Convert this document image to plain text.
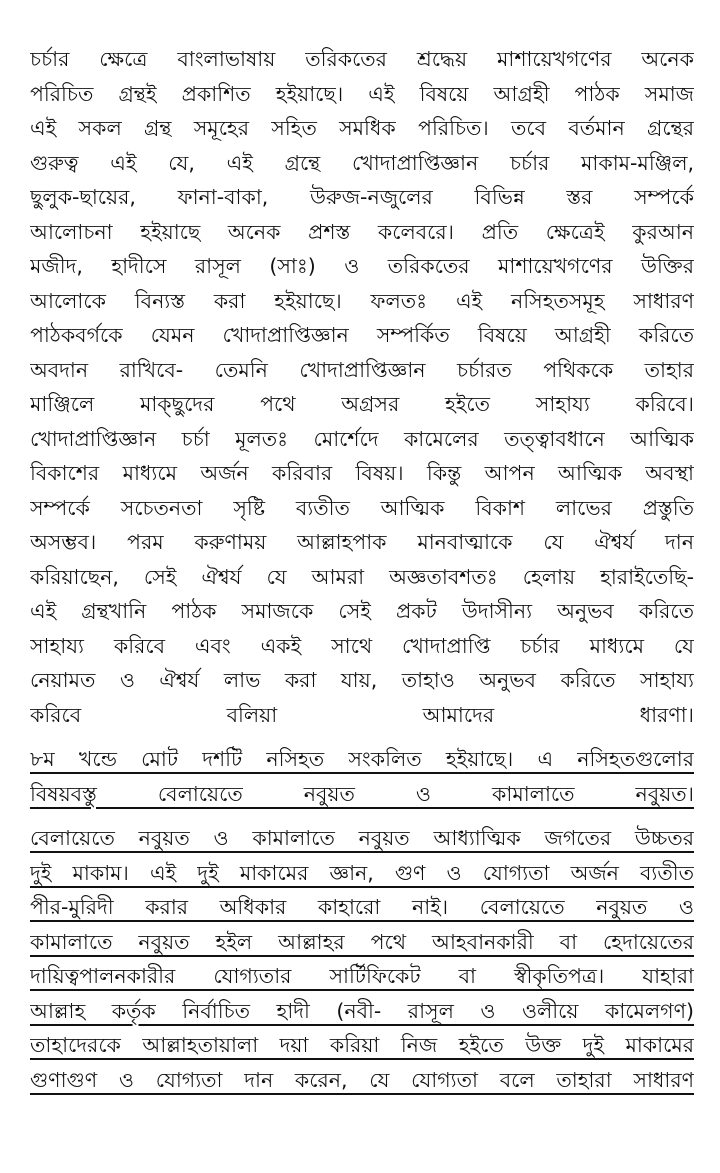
চর্চার ক্ষেত্রে বাংলাভাষায় তরিকতের শ্রদ্ধেয় মাশায়েখগণের অনেক
পরিচিত গ্রন্থই প্রকাশিত হইয়াছে। এই বিষয়ে আগ্রহী পাঠক সমাজ
এই সকল গ্রন্থ সমূহের সহিত সমধিক পরিচিত। তবে বর্তমান গ্রন্থের
গুরুত্ব এই যে, এই গ্রন্থে খোদাপ্রাপ্তিজ্ঞান চর্চার মাকাম-মঞ্জিল,
ছুলুক-ছায়ের, ফানা-বাকা, উরুজ-নজুলের বিভিন্ন স্তর সম্পর্কে
আলোচনা হইয়াছে অনেক প্রশস্ত কলেবরে। প্রতি ক্ষেত্রেই কুরআন
মজীদ, হাদীসে রাসূল (সাঃ) ও তরিকতের মাশায়েখগণের উক্তির
আলোকে বিন্যস্ত করা হইয়াছে। ফলতঃ এই নসিহতসমূহ সাধারণ
পাঠকবর্গকে যেমন খোদাপ্রাপ্তিজ্ঞান সম্পর্কিত বিষয়ে আগ্রহী করিতে
অবদান রাখিবে- তেমনি খোদাপ্রাপ্তিজ্ঞান চর্চারত পথিককে তাহার
মাঞ্জিলে মাক্‌ছুদের পথে অগ্রসর হইতে সাহায্য করিবে।
খোদাপ্রাপ্তিজ্ঞান চর্চা মূলতঃ মোর্শেদে কামেলের তত্ত্বাবধানে আত্মিক
বিকাশের মাধ্যমে অর্জন করিবার বিষয়। কিন্তু আপন আত্মিক অবস্থা
সম্পর্কে সচেতনতা সৃষ্টি ব্যতীত আত্মিক বিকাশ লাভের প্রস্তুতি
অসম্ভব। পরম করুণাময় আল্লাহপাক মানবাত্মাকে যে ঐশ্বর্য দান
করিয়াছেন, সেই ঐশ্বর্য যে আমরা অজ্ঞতাবশতঃ হেলায় হারাইতেছি-
এই গ্রন্থখানি পাঠক সমাজকে সেই প্রকট উদাসীন্য অনুভব করিতে
সাহায্য করিবে এবং একই সাথে খোদাপ্রাপ্তি চর্চার মাধ্যমে যে
নেয়ামত ও ঐশ্বর্য লাভ করা যায়, তাহাও অনুভব করিতে সাহায্য
করিবে বলিয়া আমাদের ধারণা।
৮ম খন্ডে মোট দশটি নসিহত সংকলিত হইয়াছে। এ নসিহতগুলোর
বিষয়বস্তু বেলায়েতে নবুয়ত ও কামালাতে নবুয়ত।
বেলায়েতে নবুয়ত ও কামালাতে নবুয়ত আধ্যাত্মিক জগতের উচ্চতর
দুই মাকাম। এই দুই মাকামের জ্ঞান, গুণ ও যোগ্যতা অর্জন ব্যতীত
পীর-মুরিদী করার অধিকার কাহারো নাই। বেলায়েতে নবুয়ত ও
কামালাতে নবুয়ত হইল আল্লাহর পথে আহবানকারী বা হেদায়েতের
দায়িত্বপালনকারীর যোগ্যতার সার্টিফিকেট বা স্বীকৃতিপত্র। যাহারা
আল্লাহ কর্তৃক নির্বাচিত হাদী (নবী- রাসূল ও ওলীয়ে কামেলগণ)
তাহাদেরকে আল্লাহতায়ালা দয়া করিয়া নিজ হইতে উক্ত দুই মাকামের
গুণাগুণ ও যোগ্যতা দান করেন, যে যোগ্যতা বলে তাহারা সাধারণ
